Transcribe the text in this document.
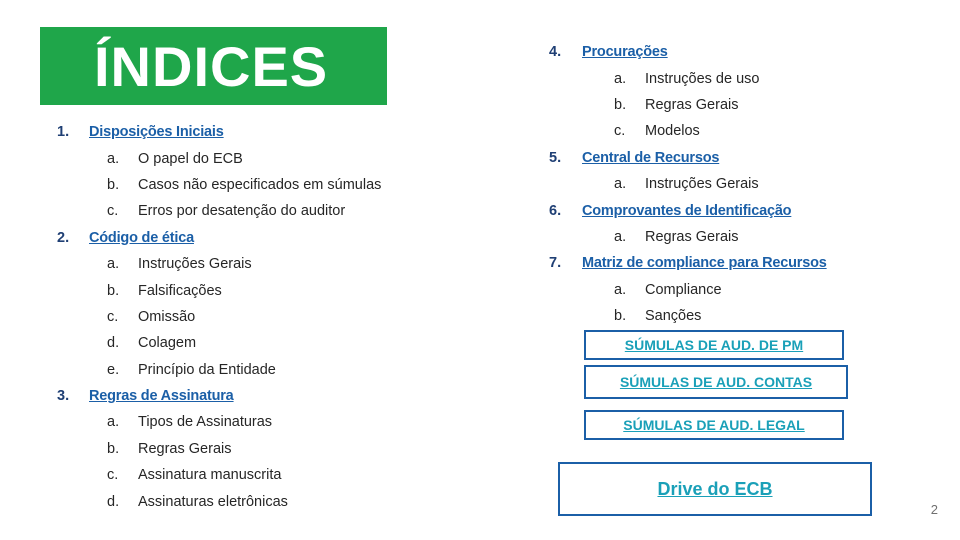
ÍNDICES
1.	Disposições Iniciais
a.	O papel do ECB
b.	Casos não especificados em súmulas
c.	Erros por desatenção do auditor
2.	Código de ética
a.	Instruções Gerais
b.	Falsificações
c.	Omissão
d.	Colagem
e.	Princípio da Entidade
3.	Regras de Assinatura
a.	Tipos de Assinaturas
b.	Regras Gerais
c.	Assinatura manuscrita
d.	Assinaturas eletrônicas
4.	Procurações
a.	Instruções de uso
b.	Regras Gerais
c.	Modelos
5.	Central de Recursos
a.	Instruções Gerais
6.	Comprovantes de Identificação
a.	Regras Gerais
7.	Matriz de compliance para Recursos
a.	Compliance
b.	Sanções
SÚMULAS DE AUD. DE PM
SÚMULAS DE AUD. CONTAS
SÚMULAS DE AUD. LEGAL
Drive do ECB
2
